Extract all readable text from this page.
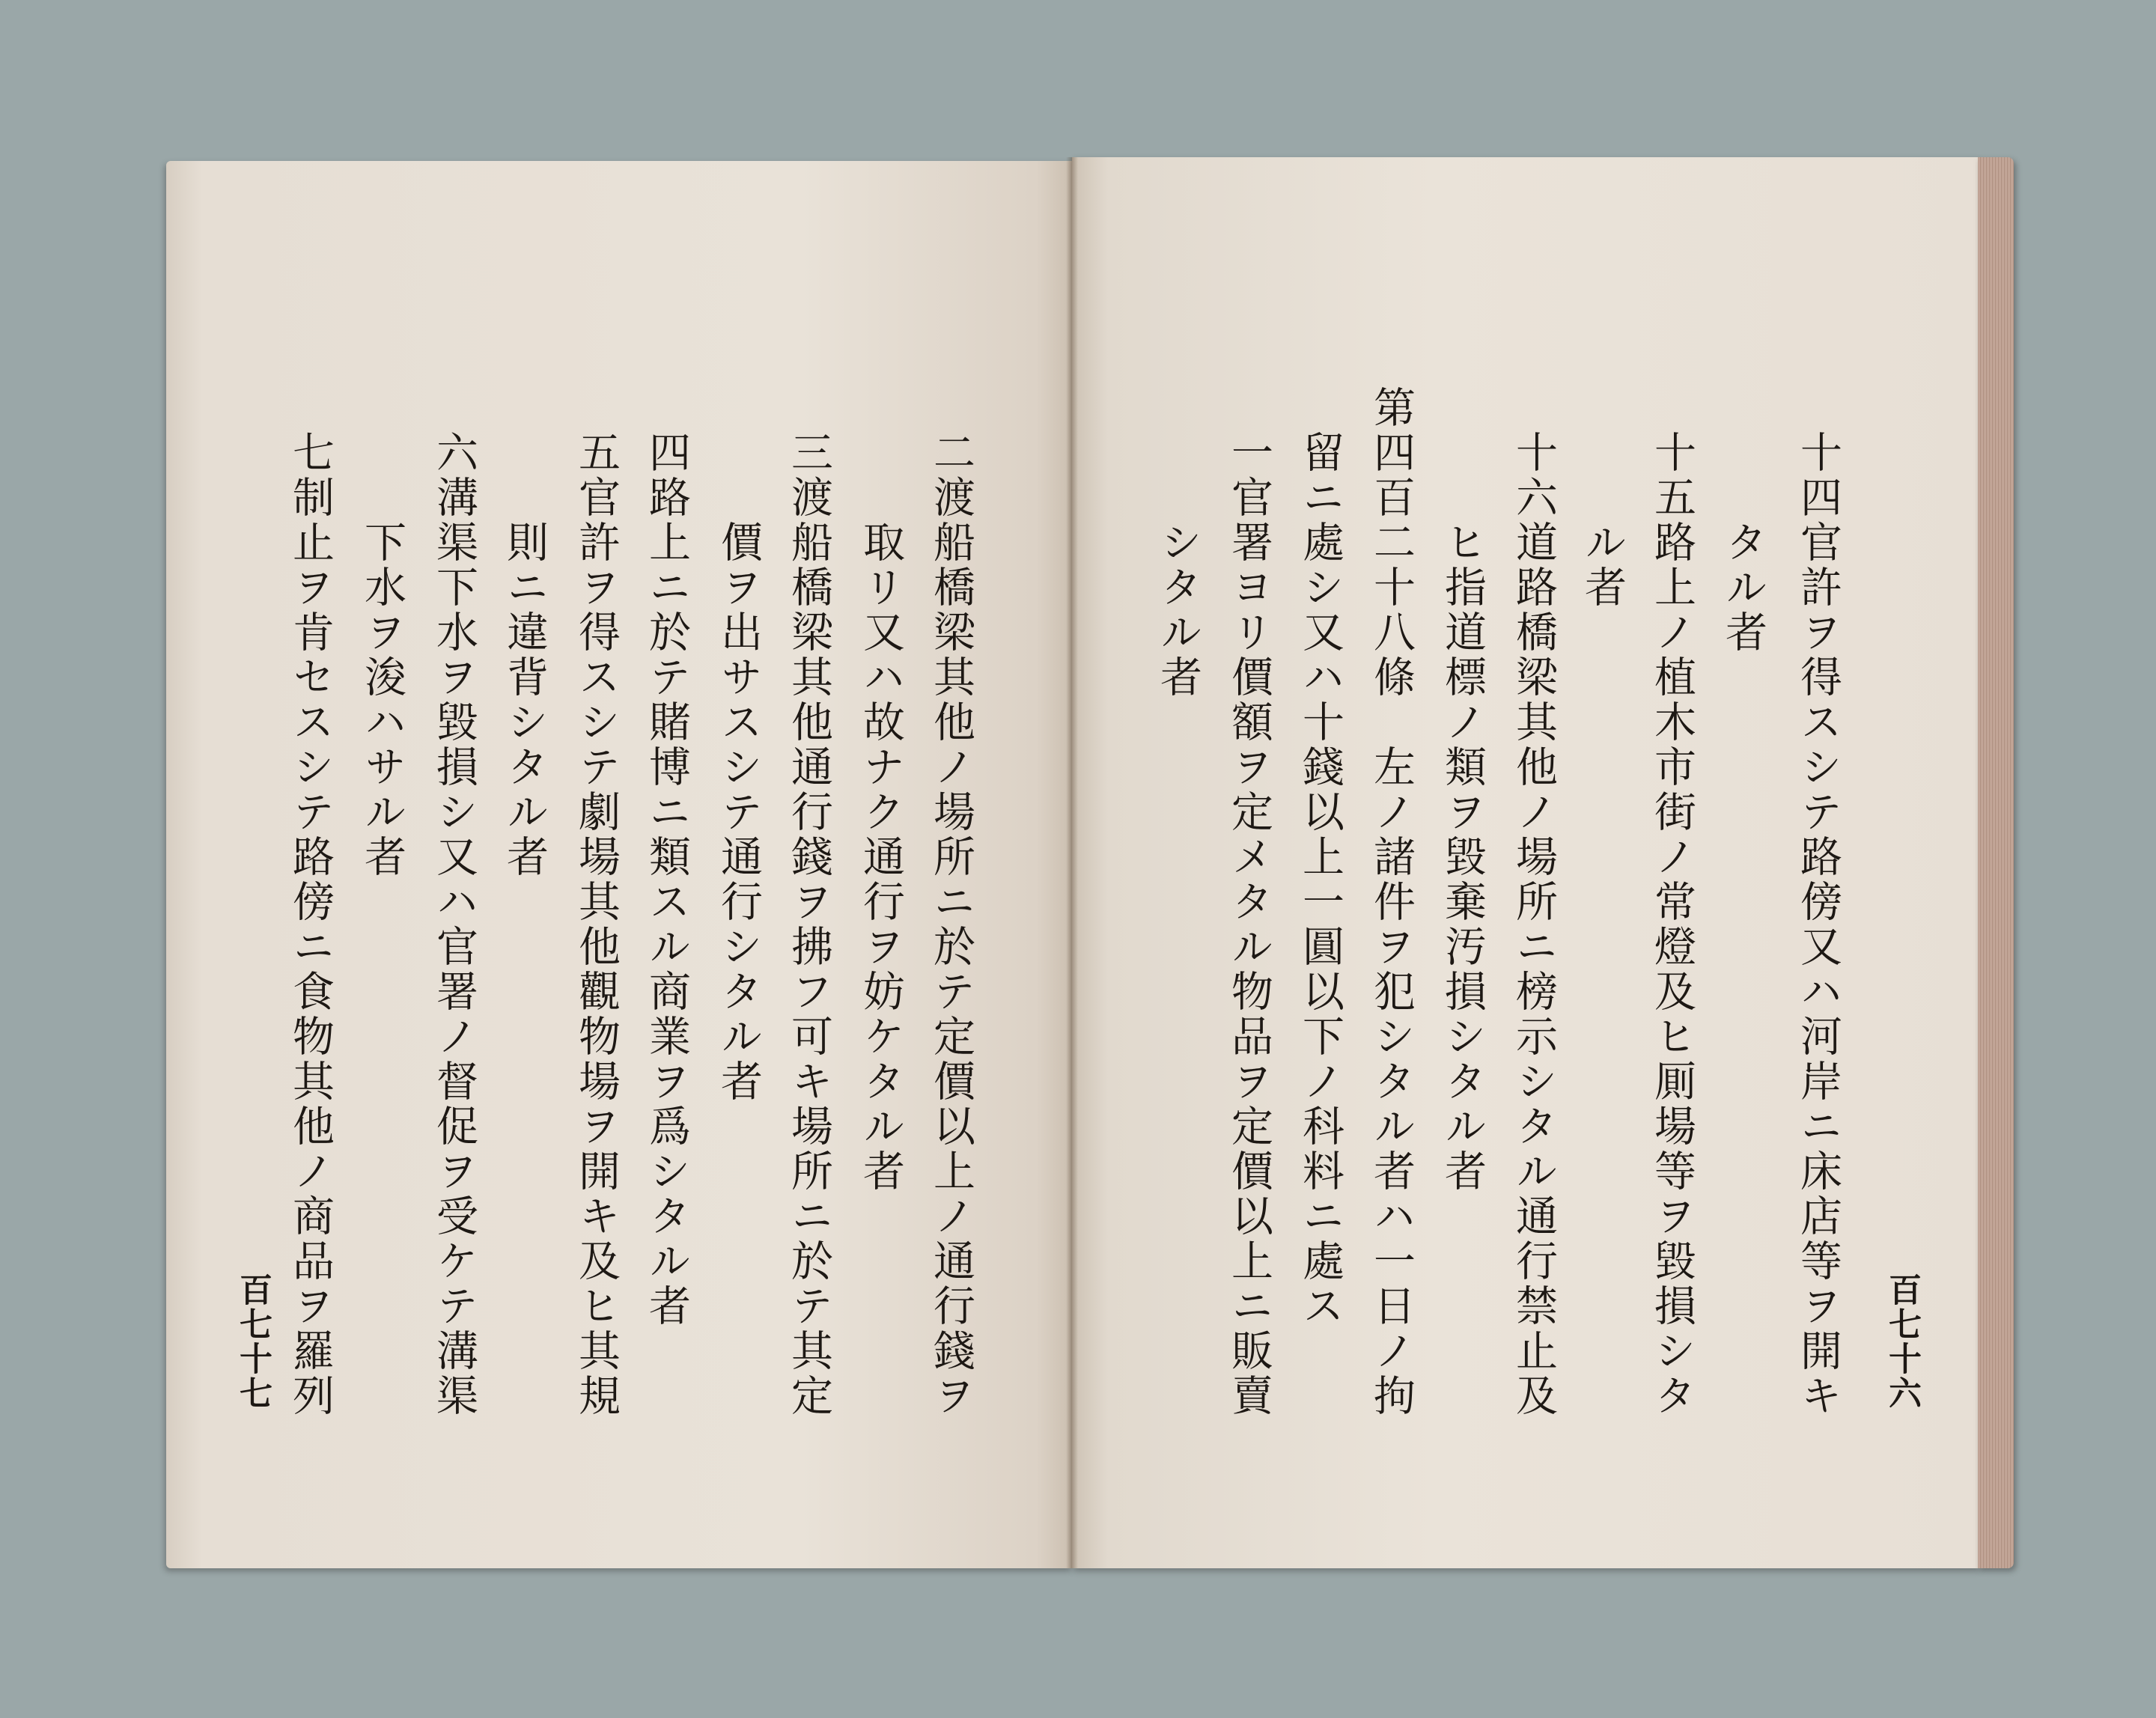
十四官許ヲ得スシテ路傍又ハ河岸ニ床店等ヲ開キ
タル者
十五路上ノ植木市街ノ常燈及ヒ厠場等ヲ毀損シタ
ル者
十六道路橋梁其他ノ場所ニ榜示シタル通行禁止及
ヒ指道標ノ類ヲ毀棄汚損シタル者
第四百二十八條　左ノ諸件ヲ犯シタル者ハ一日ノ拘
留ニ處シ又ハ十錢以上一圓以下ノ科料ニ處ス
一官署ヨリ價額ヲ定メタル物品ヲ定價以上ニ販賣
シタル者
百七十六
二渡船橋梁其他ノ場所ニ於テ定價以上ノ通行錢ヲ
取リ又ハ故ナク通行ヲ妨ケタル者
三渡船橋梁其他通行錢ヲ拂フ可キ場所ニ於テ其定
價ヲ出サスシテ通行シタル者
四路上ニ於テ賭博ニ類スル商業ヲ爲シタル者
五官許ヲ得スシテ劇場其他觀物場ヲ開キ及ヒ其規
則ニ違背シタル者
六溝渠下水ヲ毀損シ又ハ官署ノ督促ヲ受ケテ溝渠
下水ヲ浚ハサル者
七制止ヲ肯セスシテ路傍ニ食物其他ノ商品ヲ羅列
百七十七
